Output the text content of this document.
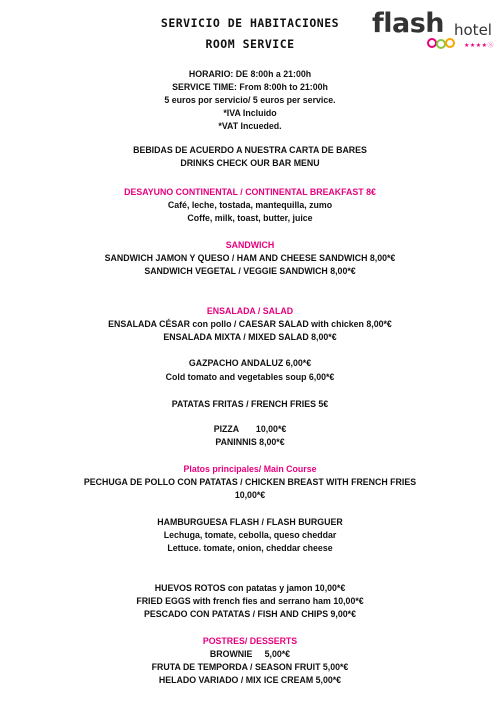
SERVICIO DE HABITACIONES
ROOM SERVICE
flash hotel
★★★★Ⓢ
HORARIO: DE 8:00h a 21:00h
SERVICE TIME: From 8:00h to 21:00h
5 euros por servicio/ 5 euros per service.
*IVA Incluido
*VAT Incueded.
BEBIDAS DE ACUERDO A NUESTRA CARTA DE BARES
DRINKS CHECK OUR BAR MENU
DESAYUNO CONTINENTAL / CONTINENTAL BREAKFAST 8€
Café, leche, tostada, mantequilla, zumo
Coffe, milk, toast, butter, juice
SANDWICH
SANDWICH JAMON Y QUESO / HAM AND CHEESE SANDWICH 8,00*€
SANDWICH VEGETAL / VEGGIE SANDWICH 8,00*€
ENSALADA / SALAD
ENSALADA CÉSAR con pollo / CAESAR SALAD with chicken 8,00*€
ENSALADA MIXTA / MIXED SALAD 8,00*€
GAZPACHO ANDALUZ 6,00*€
Cold tomato and vegetables soup 6,00*€
PATATAS FRITAS / FRENCH FRIES 5€
PIZZA       10,00*€
PANINNIS 8,00*€
Platos principales/ Main Course
PECHUGA DE POLLO CON PATATAS / CHICKEN BREAST WITH FRENCH FRIES
10,00*€
HAMBURGUESA FLASH / FLASH BURGUER
Lechuga, tomate, cebolla, queso cheddar
Lettuce. tomate, onion, cheddar cheese
HUEVOS ROTOS con patatas y jamon 10,00*€
FRIED EGGS with french fies and serrano ham 10,00*€
PESCADO CON PATATAS / FISH AND CHIPS 9,00*€
POSTRES/ DESSERTS
BROWNIE     5,00*€
FRUTA DE TEMPORDA / SEASON FRUIT 5,00*€
HELADO VARIADO / MIX ICE CREAM 5,00*€
